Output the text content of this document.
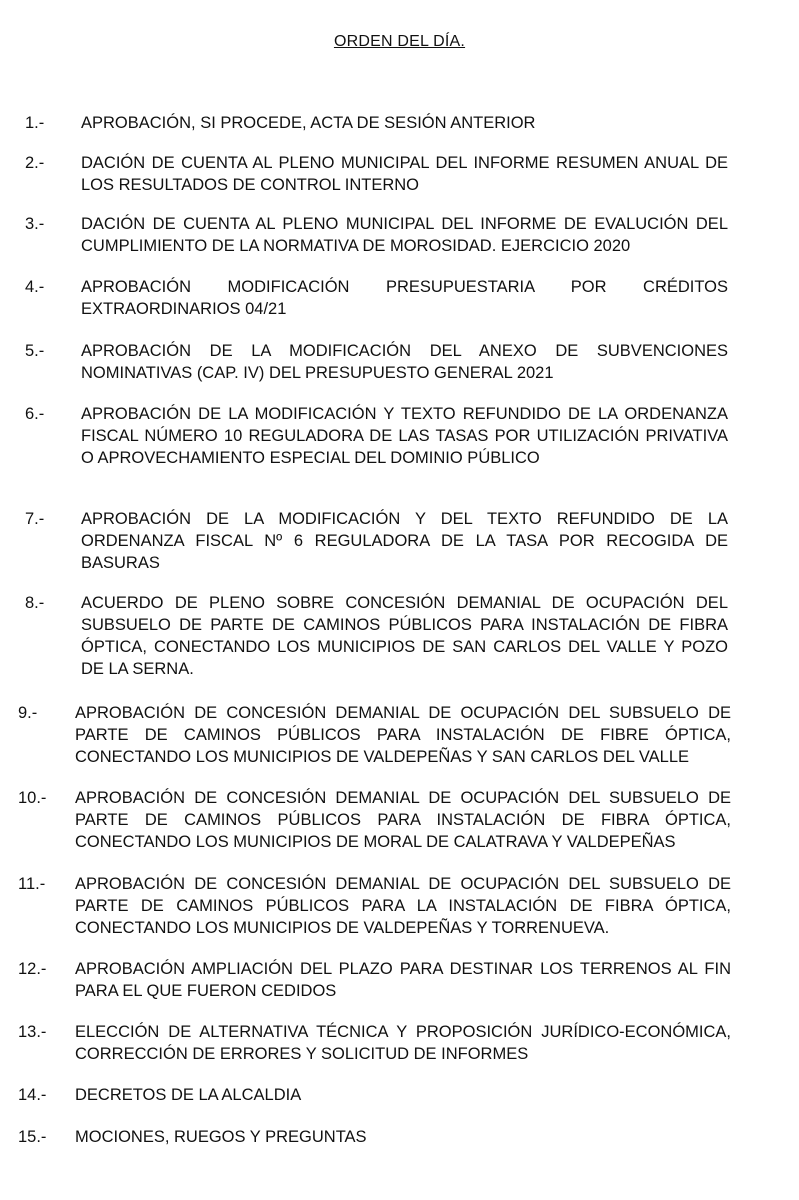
ORDEN DEL DÍA.
1.- APROBACIÓN, SI PROCEDE, ACTA DE SESIÓN ANTERIOR
2.- DACIÓN DE CUENTA AL PLENO MUNICIPAL DEL INFORME RESUMEN ANUAL DE LOS RESULTADOS DE CONTROL INTERNO
3.- DACIÓN DE CUENTA AL PLENO MUNICIPAL DEL INFORME DE EVALUCIÓN DEL CUMPLIMIENTO DE LA NORMATIVA DE MOROSIDAD. EJERCICIO 2020
4.- APROBACIÓN MODIFICACIÓN PRESUPUESTARIA POR CRÉDITOS EXTRAORDINARIOS 04/21
5.- APROBACIÓN DE LA MODIFICACIÓN DEL ANEXO DE SUBVENCIONES NOMINATIVAS (CAP. IV) DEL PRESUPUESTO GENERAL 2021
6.- APROBACIÓN DE LA MODIFICACIÓN Y TEXTO REFUNDIDO DE LA ORDENANZA FISCAL NÚMERO 10 REGULADORA DE LAS TASAS POR UTILIZACIÓN PRIVATIVA O APROVECHAMIENTO ESPECIAL DEL DOMINIO PÚBLICO
7.- APROBACIÓN DE LA MODIFICACIÓN Y DEL TEXTO REFUNDIDO DE LA ORDENANZA FISCAL Nº 6 REGULADORA DE LA TASA POR RECOGIDA DE BASURAS
8.- ACUERDO DE PLENO SOBRE CONCESIÓN DEMANIAL DE OCUPACIÓN DEL SUBSUELO DE PARTE DE CAMINOS PÚBLICOS PARA INSTALACIÓN DE FIBRA ÓPTICA, CONECTANDO LOS MUNICIPIOS DE SAN CARLOS DEL VALLE Y POZO DE LA SERNA.
9.- APROBACIÓN DE CONCESIÓN DEMANIAL DE OCUPACIÓN DEL SUBSUELO DE PARTE DE CAMINOS PÚBLICOS PARA INSTALACIÓN DE FIBRE ÓPTICA, CONECTANDO LOS MUNICIPIOS DE VALDEPEÑAS Y SAN CARLOS DEL VALLE
10.- APROBACIÓN DE CONCESIÓN DEMANIAL DE OCUPACIÓN DEL SUBSUELO DE PARTE DE CAMINOS PÚBLICOS PARA INSTALACIÓN DE FIBRA ÓPTICA, CONECTANDO LOS MUNICIPIOS DE MORAL DE CALATRAVA Y VALDEPEÑAS
11.- APROBACIÓN DE CONCESIÓN DEMANIAL DE OCUPACIÓN DEL SUBSUELO DE PARTE DE CAMINOS PÚBLICOS PARA LA INSTALACIÓN DE FIBRA ÓPTICA, CONECTANDO LOS MUNICIPIOS DE VALDEPEÑAS Y TORRENUEVA.
12.- APROBACIÓN AMPLIACIÓN DEL PLAZO PARA DESTINAR LOS TERRENOS AL FIN PARA EL QUE FUERON CEDIDOS
13.- ELECCIÓN DE ALTERNATIVA TÉCNICA Y PROPOSICIÓN JURÍDICO-ECONÓMICA, CORRECCIÓN DE ERRORES Y SOLICITUD DE INFORMES
14.- DECRETOS DE LA ALCALDIA
15.- MOCIONES, RUEGOS Y PREGUNTAS
